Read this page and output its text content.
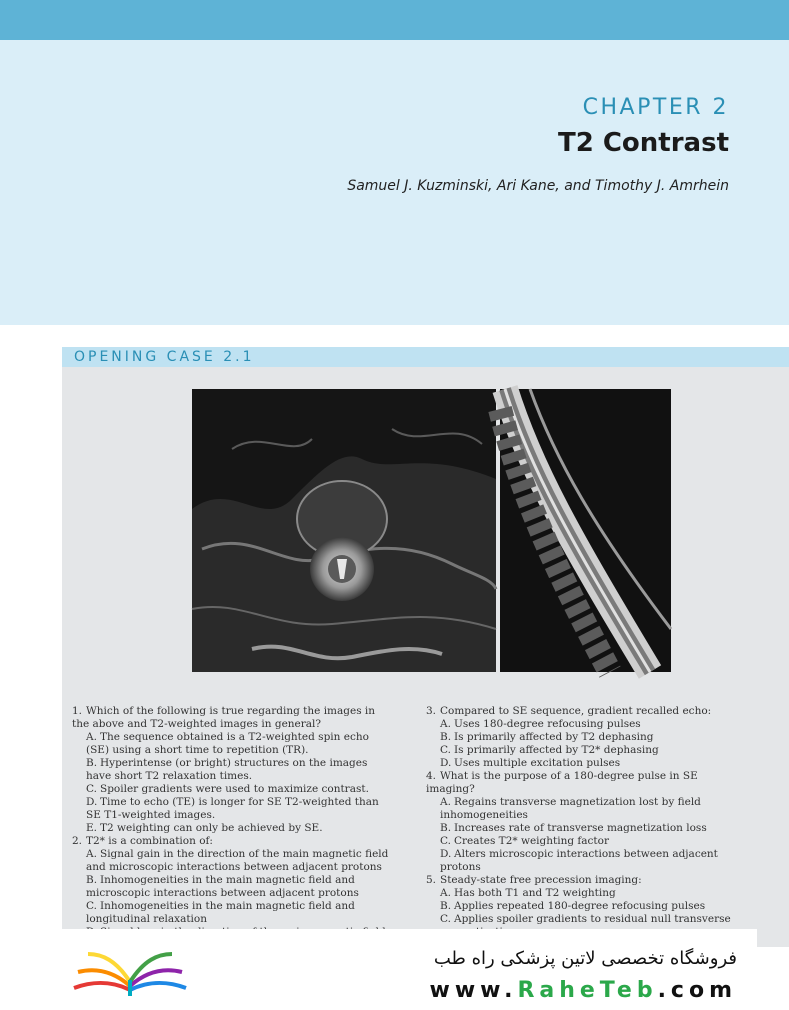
CHAPTER 2
T2 Contrast
Samuel J. Kuzminski, Ari Kane, and Timothy J. Amrhein
OPENING CASE 2.1

1. Which of the following is true regarding the images in the above and T2-weighted images in general?

A. The sequence obtained is a T2-weighted spin echo (SE) using a short time to repetition (TR).
B. Hyperintense (or bright) structures on the images have short T2 relaxation times.
C. Spoiler gradients were used to maximize contrast.
D. Time to echo (TE) is longer for SE T2-weighted than SE T1-weighted images.
E. T2 weighting can only be achieved by SE.

2. T2* is a combination of:

A. Signal gain in the direction of the main magnetic field and microscopic interactions between adjacent protons
B. Inhomogeneities in the main magnetic field and microscopic interactions between adjacent protons
C. Inhomogeneities in the main magnetic field and longitudinal relaxation

3. Compared to SE sequence, gradient recalled echo:

A. Uses 180-degree refocusing pulses
B. Is primarily affected by T2 dephasing
C. Is primarily affected by T2* dephasing
D. Uses multiple excitation pulses

4. What is the purpose of a 180-degree pulse in SE imaging?

A. Regains transverse magnetization lost by field inhomogeneities
B. Increases rate of transverse magnetization loss
C. Creates T2* weighting factor
D. Alters microscopic interactions between adjacent protons

5. Steady-state free precession imaging:

A. Has both T1 and T2 weighting
B. Applies repeated 180-degree refocusing pulses
C. Applies spoiler gradients to residual null transverse
فروشگاه تخصصی لاتین پزشکی راه طب
www.RaheTeb.com
